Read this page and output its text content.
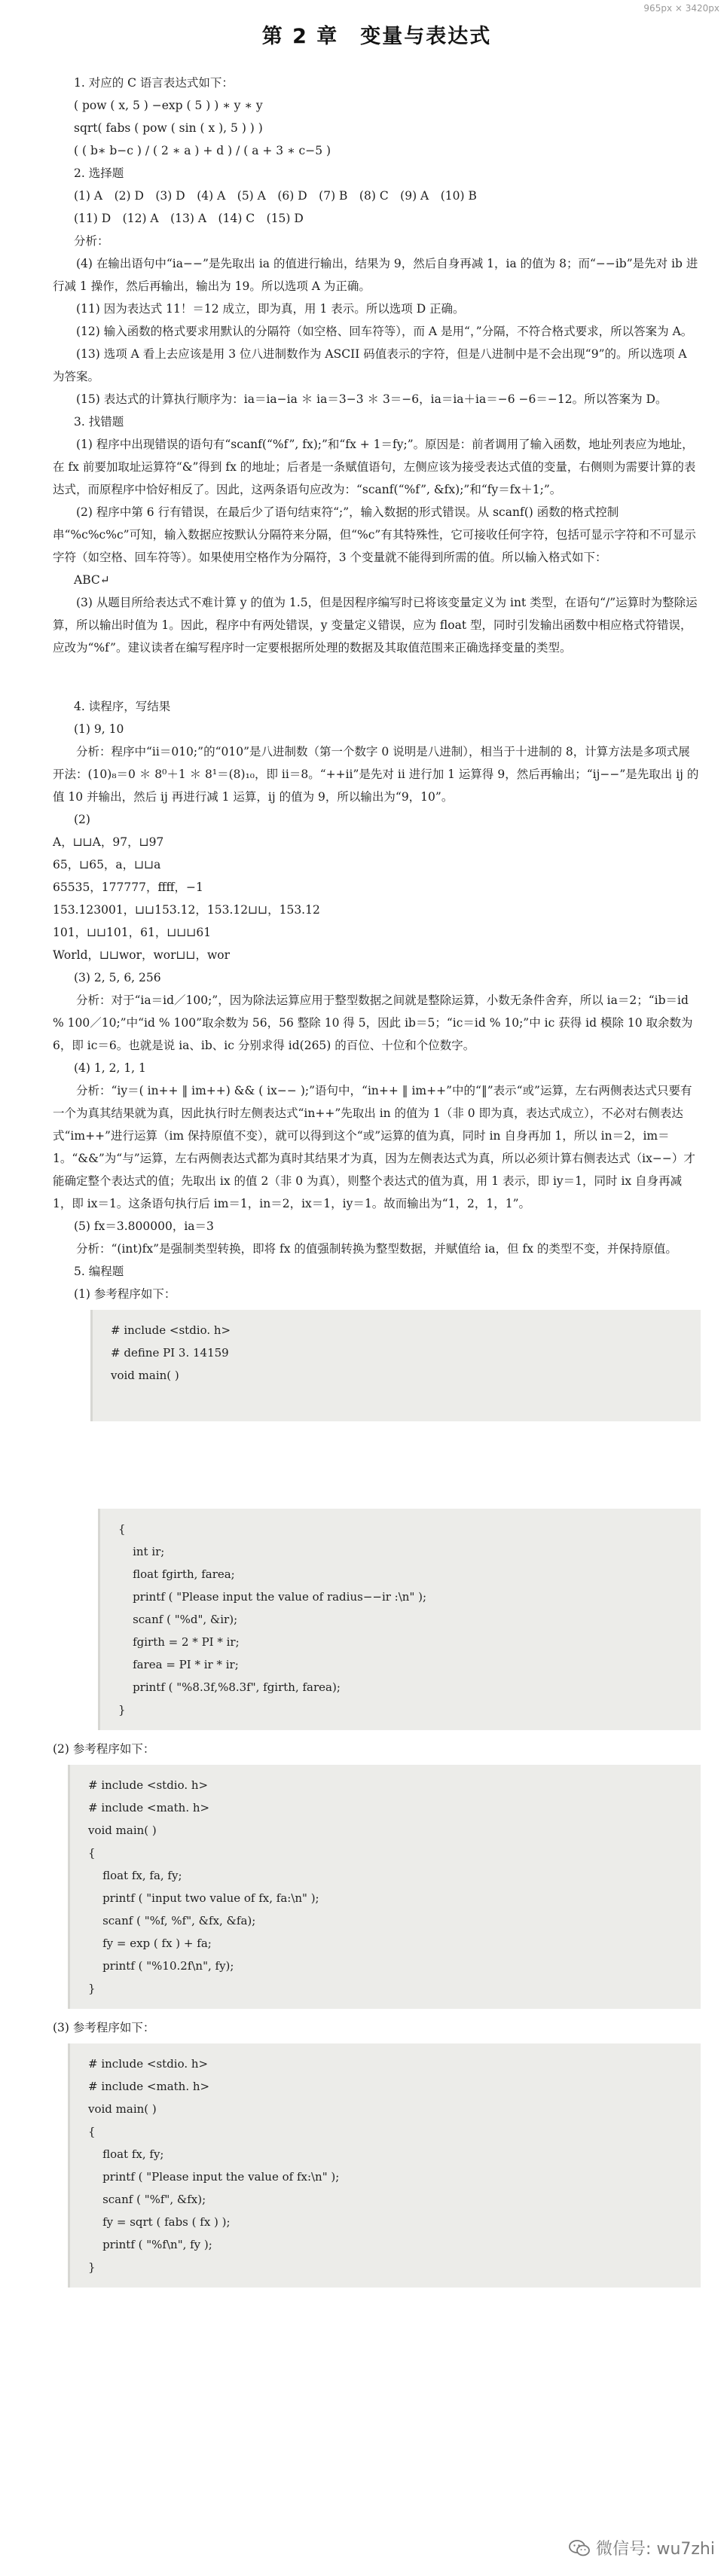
965px × 3420px
第 2 章　变量与表达式

1. 对应的 C 语言表达式如下：

( pow ( x, 5 ) −exp ( 5 ) ) ∗ y ∗ y

sqrt( fabs ( pow ( sin ( x ), 5 ) ) )

( ( b∗ b−c ) / ( 2 ∗ a ) + d ) / ( a + 3 ∗ c−5 )

2. 选择题

(1) A　(2) D　(3) D　(4) A　(5) A　(6) D　(7) B　(8) C　(9) A　(10) B

(11) D　(12) A　(13) A　(14) C　(15) D

分析：

(4) 在输出语句中“ia−−”是先取出 ia 的值进行输出，结果为 9，然后自身再减 1，ia 的值为 8；而“−−ib”是先对 ib 进行减 1 操作，然后再输出，输出为 19。所以选项 A 为正确。

(11) 因为表达式 11！＝12 成立，即为真，用 1 表示。所以选项 D 正确。

(12) 输入函数的格式要求用默认的分隔符（如空格、回车符等），而 A 是用“，”分隔，不符合格式要求，所以答案为 A。

(13) 选项 A 看上去应该是用 3 位八进制数作为 ASCII 码值表示的字符，但是八进制中是不会出现“9”的。所以选项 A 为答案。

(15) 表达式的计算执行顺序为：ia＝ia−ia ＊ ia＝3−3 ＊ 3＝−6，ia＝ia＋ia＝−6 −6＝−12。所以答案为 D。

3. 找错题

(1) 程序中出现错误的语句有“scanf(“%f”, fx);”和“fx + 1＝fy;”。原因是：前者调用了输入函数，地址列表应为地址，在 fx 前要加取址运算符“&”得到 fx 的地址；后者是一条赋值语句，左侧应该为接受表达式值的变量，右侧则为需要计算的表达式，而原程序中恰好相反了。因此，这两条语句应改为：“scanf(“%f”, &fx);”和“fy＝fx＋1;”。

(2) 程序中第 6 行有错误，在最后少了语句结束符“;”，输入数据的形式错误。从 scanf() 函数的格式控制串“%c%c%c”可知，输入数据应按默认分隔符来分隔，但“%c”有其特殊性，它可接收任何字符，包括可显示字符和不可显示字符（如空格、回车符等）。如果使用空格作为分隔符，3 个变量就不能得到所需的值。所以输入格式如下：

ABC↵

(3) 从题目所给表达式不难计算 y 的值为 1.5，但是因程序编写时已将该变量定义为 int 类型，在语句“/”运算时为整除运算，所以输出时值为 1。因此，程序中有两处错误，y 变量定义错误，应为 float 型，同时引发输出函数中相应格式符错误，应改为“%f”。建议读者在编写程序时一定要根据所处理的数据及其取值范围来正确选择变量的类型。

4. 读程序，写结果

(1) 9, 10

分析：程序中“ii＝010;”的“010”是八进制数（第一个数字 0 说明是八进制），相当于十进制的 8，计算方法是多项式展开法：(10)₈＝0 ＊ 8⁰＋1 ＊ 8¹＝(8)₁₀，即 ii＝8。“++ii”是先对 ii 进行加 1 运算得 9，然后再输出；“ij−−”是先取出 ij 的值 10 并输出，然后 ij 再进行减 1 运算，ij 的值为 9，所以输出为“9，10”。

(2)

A，⊔⊔A，97，⊔97

65，⊔65，a，⊔⊔a

65535，177777，ffff，−1

153.123001，⊔⊔153.12，153.12⊔⊔，153.12

101，⊔⊔101，61，⊔⊔⊔61

World，⊔⊔wor，wor⊔⊔，wor

(3) 2, 5, 6, 256

分析：对于“ia＝id／100;”，因为除法运算应用于整型数据之间就是整除运算，小数无条件舍弃，所以 ia＝2；“ib＝id % 100／10;”中“id % 100”取余数为 56，56 整除 10 得 5，因此 ib＝5；“ic＝id % 10;”中 ic 获得 id 模除 10 取余数为 6，即 ic＝6。也就是说 ia、ib、ic 分别求得 id(265) 的百位、十位和个位数字。

(4) 1, 2, 1, 1

分析：“iy＝( in++ ‖ im++) && ( ix−− );”语句中，“in++ ‖ im++”中的“‖”表示“或”运算，左右两侧表达式只要有一个为真其结果就为真，因此执行时左侧表达式“in++”先取出 in 的值为 1（非 0 即为真，表达式成立），不必对右侧表达式“im++”进行运算（im 保持原值不变），就可以得到这个“或”运算的值为真，同时 in 自身再加 1，所以 in＝2，im＝1。“&&”为“与”运算，左右两侧表达式都为真时其结果才为真，因为左侧表达式为真，所以必须计算右侧表达式（ix−−）才能确定整个表达式的值；先取出 ix 的值 2（非 0 为真），则整个表达式的值为真，用 1 表示，即 iy＝1，同时 ix 自身再减 1，即 ix＝1。这条语句执行后 im＝1，in＝2，ix＝1，iy＝1。故而输出为“1，2，1，1”。

(5) fx＝3.800000，ia＝3

分析：“(int)fx”是强制类型转换，即将 fx 的值强制转换为整型数据，并赋值给 ia，但 fx 的类型不变，并保持原值。

5. 编程题

(1) 参考程序如下：

# include <stdio. h>
# define PI 3. 14159
void main( )
{
int ir;
float fgirth, farea;
printf ( "Please input the value of radius−−ir :\n" );
scanf ( "%d", &ir);
fgirth = 2 * PI * ir;
farea = PI * ir * ir;
printf ( "%8.3f,%8.3f", fgirth, farea);
}

(2) 参考程序如下：

# include <stdio. h>
# include <math. h>
void main( )
{
float fx, fa, fy;
printf ( "input two value of fx, fa:\n" );
scanf ( "%f, %f", &fx, &fa);
fy = exp ( fx ) + fa;
printf ( "%10.2f\n", fy);
}

(3) 参考程序如下：

# include <stdio. h>
# include <math. h>
void main( )
{
float fx, fy;
printf ( "Please input the value of fx:\n" );
scanf ( "%f", &fx);
fy = sqrt ( fabs ( fx ) );
printf ( "%f\n", fy );
}
微信号: wu7zhi
